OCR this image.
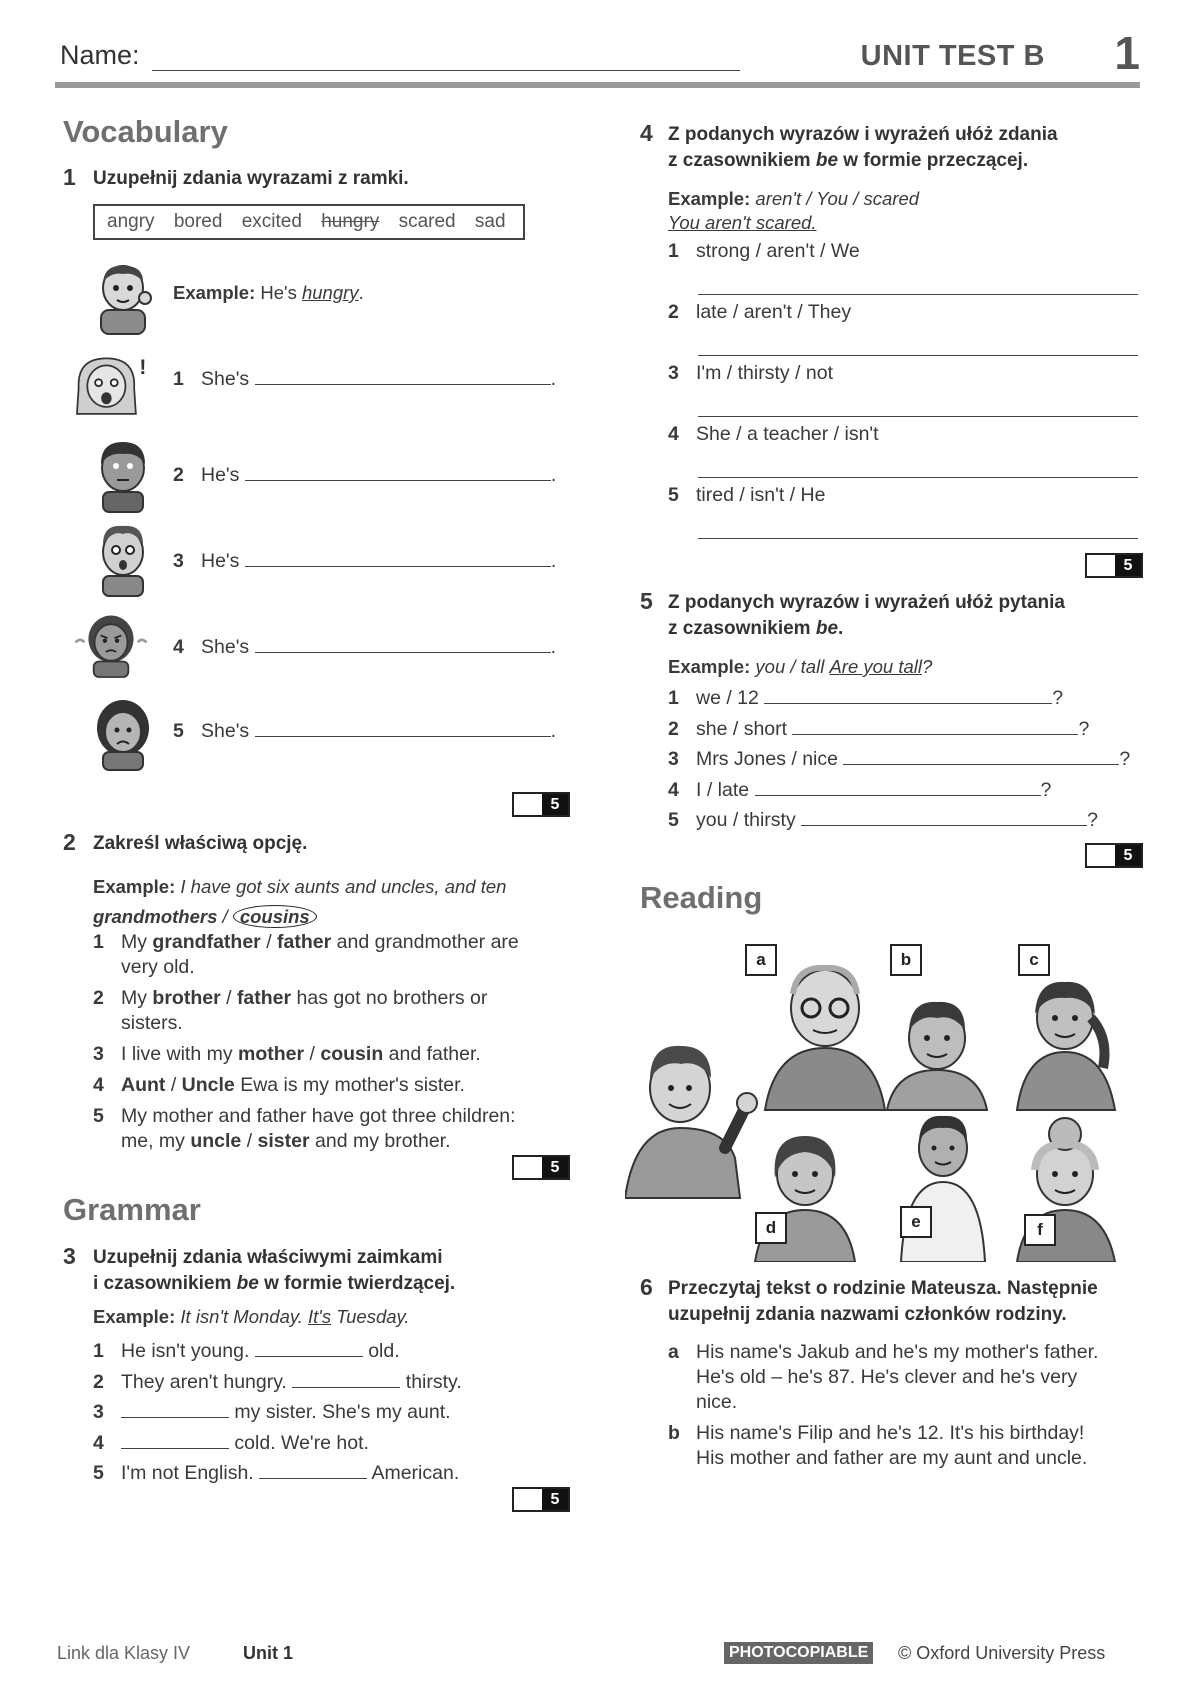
Name:	UNIT TEST B 1
Vocabulary
1 Uzupełnij zdania wyrazami z ramki.
angry bored excited hungry scared sad
!
Example: He's hungry.
1 She's	.
2 He's	.
3 He's	.
4 She's	.
5 She's	.
5
2 Zakreśl właściwą opcję.
Example: I have got six aunts and uncles, and ten
grandmothers / cousins
1 My grandfather / father and grandmother are
very old.
2 My brother / father has got no brothers or
sisters.
3 I live with my mother / cousin and father.
4 Aunt / Uncle Ewa is my mother's sister.
5 My mother and father have got three children:
me, my uncle / sister and my brother.
5
Grammar
3 Uzupełnij zdania właściwymi zaimkami
i czasownikiem be w formie twierdzącej.
Example: It isn't Monday. It's Tuesday.
1 He isn't young.	old.
2 They aren't hungry.	thirsty.
3	my sister. She's my aunt.
4	cold. We're hot.
5 I'm not English.	American.
5
4 Z podanych wyrazów i wyrażeń ułóż zdania
z czasownikiem be w formie przeczącej.
Example: aren't / You / scared
You aren't scared.
1 strong / aren't / We
2 late / aren't / They
3 I'm / thirsty / not
4 She / a teacher / isn't
5 tired / isn't / He
5
5 Z podanych wyrazów i wyrażeń ułóż pytania
z czasownikiem be.
Example: you / tall Are you tall?
1 we / 12	?
2 she / short	?
3 Mrs Jones / nice	?
4 I / late	?
5 you / thirsty	?
5
Reading
a	b	c
d	e	f
6 Przeczytaj tekst o rodzinie Mateusza. Następnie
uzupełnij zdania nazwami członków rodziny.
a His name's Jakub and he's my mother's father.
He's old – he's 87. He's clever and he's very
nice.
b His name's Filip and he's 12. It's his birthday!
His mother and father are my aunt and uncle.
Link dla Klasy IV	Unit 1	PHOTOCOPIABLE © Oxford University Press
